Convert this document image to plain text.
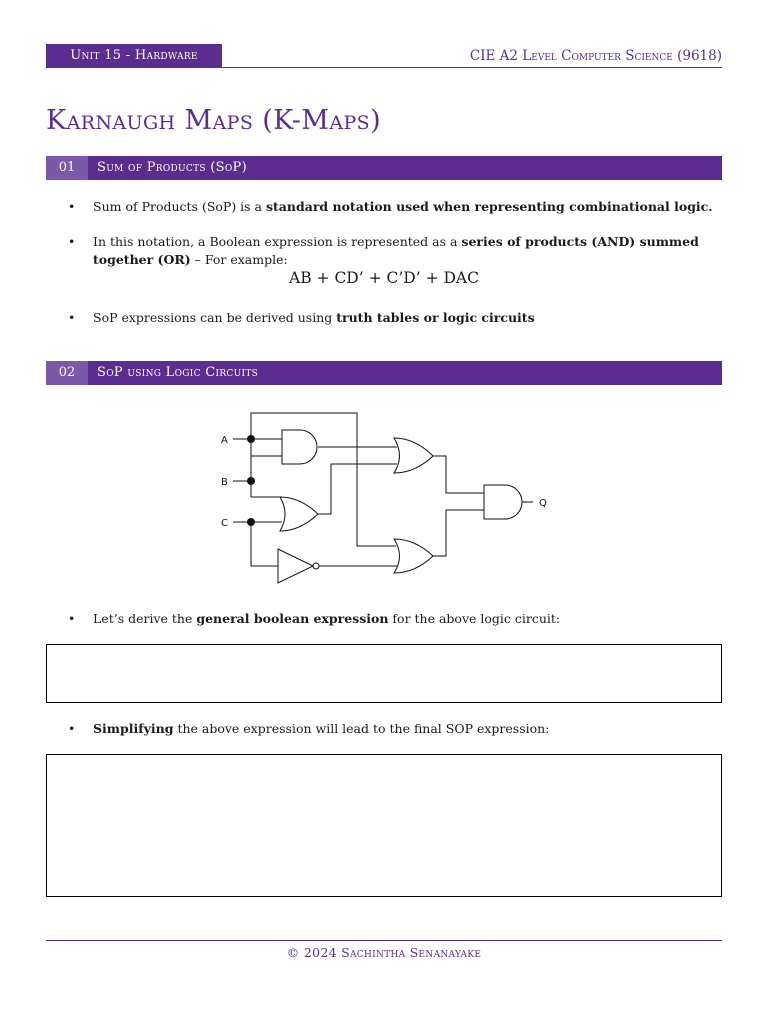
Unit 15 - Hardware	CIE A2 Level Computer Science (9618)
Karnaugh Maps (K-Maps)
01	Sum of Products (SoP)
• Sum of Products (SoP) is a standard notation used when representing combinational logic.
• In this notation, a Boolean expression is represented as a series of products (AND) summed together (OR) – For example:
AB + CD’ + C’D’ + DAC
• SoP expressions can be derived using truth tables or logic circuits
02	SoP using Logic Circuits
A
B
C
Q
• Let’s derive the general boolean expression for the above logic circuit:
• Simplifying the above expression will lead to the final SOP expression:
© 2024 Sachintha Senanayake
